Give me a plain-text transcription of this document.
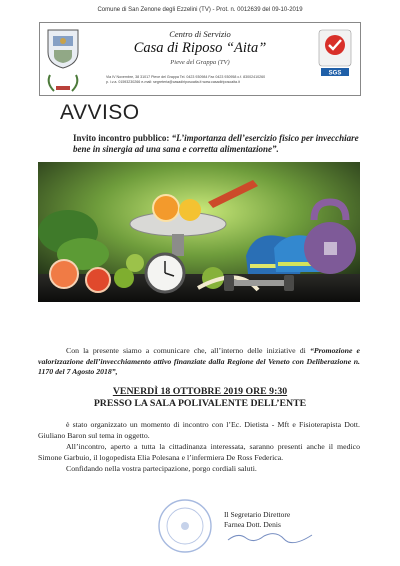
Comune di San Zenone degli Ezzelini (TV) - Prot. n. 0012639 del 09-10-2019
Centro di Servizio
Casa di Riposo “Aita”
Pieve del Grappa (TV)
Via IV Novembre, 38 31017 Pieve del Grappa Tel. 0423 930984 Fax 0423 930958 c.f. 83002410260
p. i.v.a. 01593230266 e-mail: segreteria@casadiriposoaita.it www.casadiriposoaita.it
SGS
AVVISO
Invito incontro pubblico: “L’importanza dell’esercizio fisico per invecchiare bene in sinergia ad una sana e corretta alimentazione”.
Con la presente siamo a comunicare che, all’interno delle iniziative di “Promozione e valorizzazione dell’invecchiamento attivo finanziate dalla Regione del Veneto con Deliberazione n. 1170 del 7 Agosto 2018”,
VENERDÌ 18 OTTOBRE 2019 ORE 9:30
PRESSO LA SALA POLIVALENTE DELL’ENTE

è stato organizzato un momento di incontro con l’Ec. Dietista - Mft e Fisioterapista Dott. Giuliano Baron sul tema in oggetto.

All’incontro, aperto a tutta la cittadinanza interessata, saranno presenti anche il medico Simone Garbuio, il logopedista Elia Polesana e l’infermiera De Ross Federica.

Confidando nella vostra partecipazione, porgo cordiali saluti.

Il Segretario Direttore
Farnea Dott. Denis
